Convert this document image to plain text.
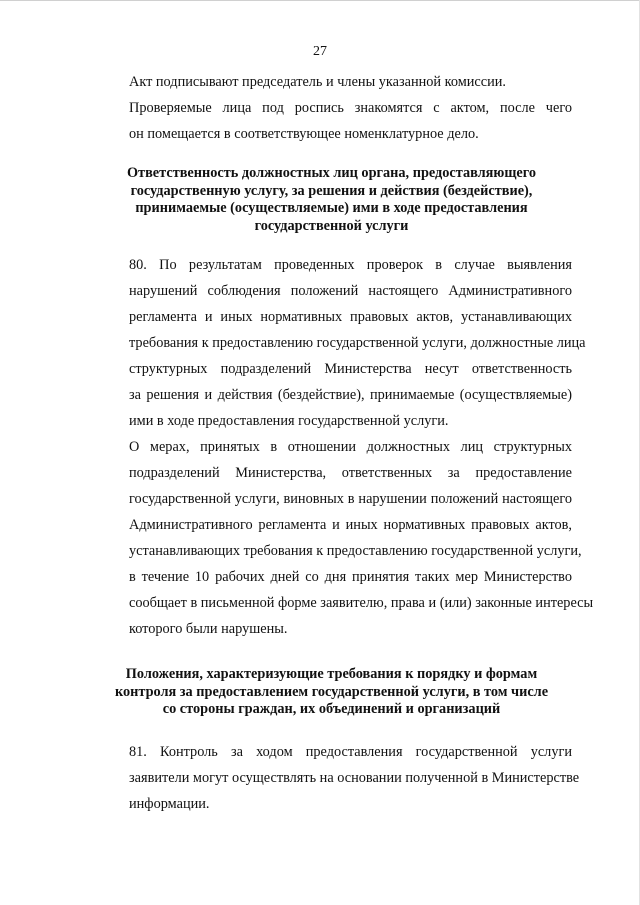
27

Акт подписывают председатель и члены указанной комиссии.

Проверяемые лица под роспись знакомятся с актом, после чего
он помещается в соответствующее номенклатурное дело.

Ответственность должностных лиц органа, предоставляющего
государственную услугу, за решения и действия (бездействие),
принимаемые (осуществляемые) ими в ходе предоставления
государственной услуги

80. По результатам проведенных проверок в случае выявления
нарушений соблюдения положений настоящего Административного
регламента и иных нормативных правовых актов, устанавливающих
требования к предоставлению государственной услуги, должностные лица
структурных подразделений Министерства несут ответственность
за решения и действия (бездействие), принимаемые (осуществляемые)
ими в ходе предоставления государственной услуги.

О мерах, принятых в отношении должностных лиц структурных
подразделений Министерства, ответственных за предоставление
государственной услуги, виновных в нарушении положений настоящего
Административного регламента и иных нормативных правовых актов,
устанавливающих требования к предоставлению государственной услуги,
в течение 10 рабочих дней со дня принятия таких мер Министерство
сообщает в письменной форме заявителю, права и (или) законные интересы
которого были нарушены.

Положения, характеризующие требования к порядку и формам
контроля за предоставлением государственной услуги, в том числе
со стороны граждан, их объединений и организаций

81. Контроль за ходом предоставления государственной услуги
заявители могут осуществлять на основании полученной в Министерстве
информации.
